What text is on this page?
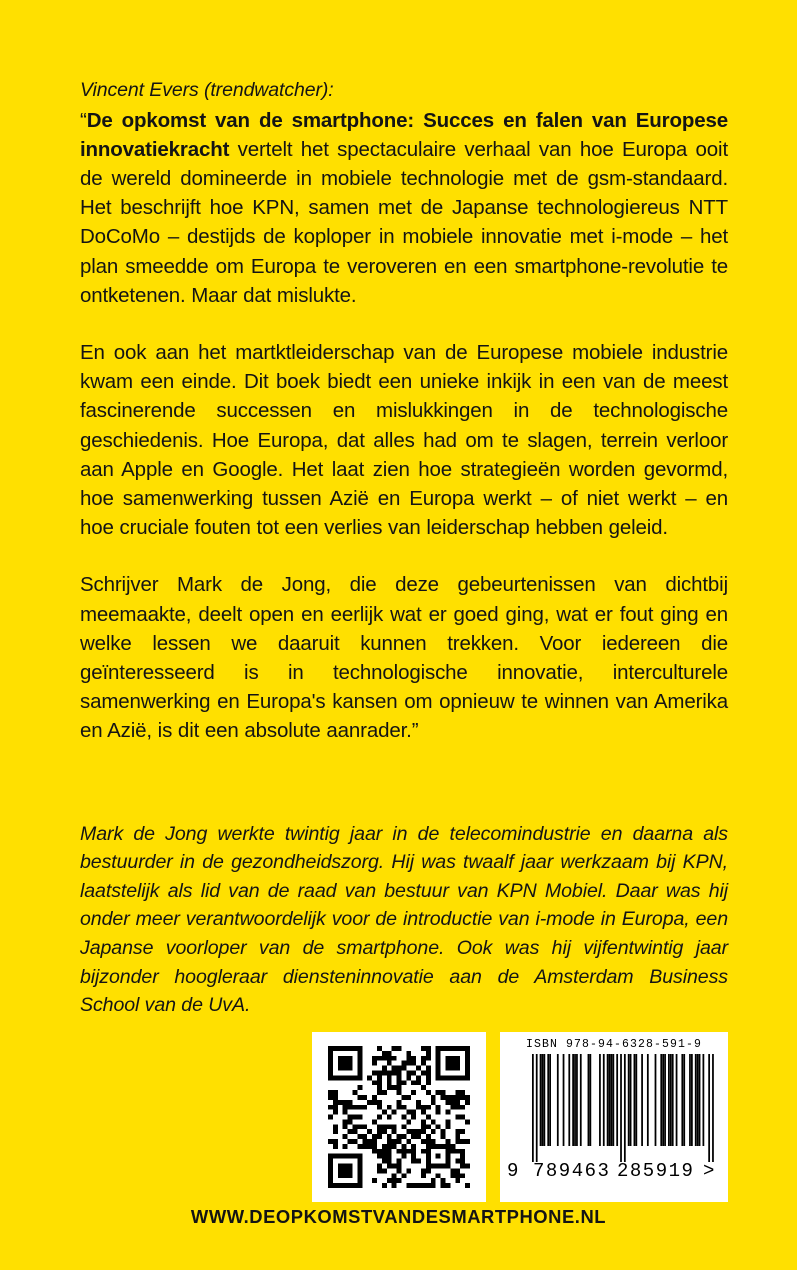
Vincent Evers (trendwatcher):

“De opkomst van de smartphone: Succes en falen van Europese innovatiekracht vertelt het spectaculaire verhaal van hoe Europa ooit de wereld domineerde in mobiele technologie met de gsm-standaard. Het beschrijft hoe KPN, samen met de Japanse technologiereus NTT DoCoMo – destijds de koploper in mobiele innovatie met i-mode – het plan smeedde om Europa te veroveren en een smartphone-revolutie te ontketenen. Maar dat mislukte.

En ook aan het martktleiderschap van de Europese mobiele industrie kwam een einde. Dit boek biedt een unieke inkijk in een van de meest fascinerende successen en mislukkingen in de technologische geschiedenis. Hoe Europa, dat alles had om te slagen, terrein verloor aan Apple en Google. Het laat zien hoe strategieën worden gevormd, hoe samenwerking tussen Azië en Europa werkt – of niet werkt – en hoe cruciale fouten tot een verlies van leiderschap hebben geleid.

Schrijver Mark de Jong, die deze gebeurtenissen van dichtbij meemaakte, deelt open en eerlijk wat er goed ging, wat er fout ging en welke lessen we daaruit kunnen trekken. Voor iedereen die geïnteresseerd is in technologische innovatie, interculturele samenwerking en Europa's kansen om opnieuw te winnen van Amerika en Azië, is dit een absolute aanrader.”

Mark de Jong werkte twintig jaar in de telecomindustrie en daarna als bestuurder in de gezondheidszorg. Hij was twaalf jaar werkzaam bij KPN, laatstelijk als lid van de raad van bestuur van KPN Mobiel. Daar was hij onder meer verantwoordelijk voor de introductie van i-mode in Europa, een Japanse voorloper van de smartphone. Ook was hij vijfentwintig jaar bijzonder hoogleraar diensteninnovatie aan de Amsterdam Business School van de UvA.

ISBN 978-94-6328-591-9
9 789463 285919 >
WWW.DEOPKOMSTVANDESMARTPHONE.NL
